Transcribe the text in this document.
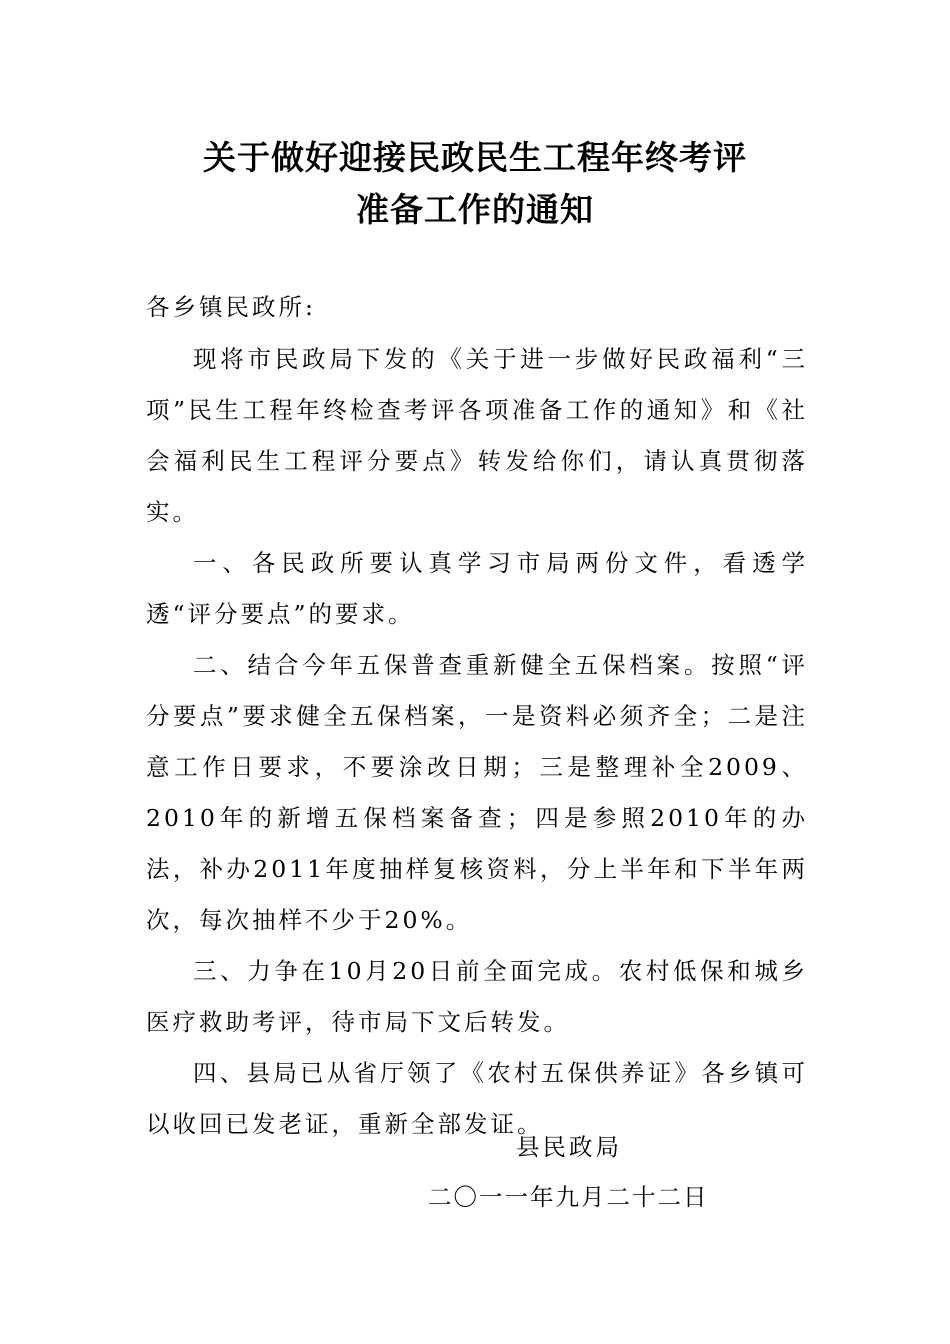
关于做好迎接民政民生工程年终考评
准备工作的通知

各乡镇民政所:

现将市民政局下发的《关于进一步做好民政福利“三项”民生工程年终检查考评各项准备工作的通知》和《社会福利民生工程评分要点》转发给你们，请认真贯彻落实。

一、各民政所要认真学习市局两份文件，看透学透“评分要点”的要求。

二、结合今年五保普查重新健全五保档案。按照“评分要点”要求健全五保档案，一是资料必须齐全；二是注意工作日要求，不要涂改日期；三是整理补全2009、2010年的新增五保档案备查；四是参照2010年的办法，补办2011年度抽样复核资料，分上半年和下半年两次，每次抽样不少于20%。

三、力争在10月20日前全面完成。农村低保和城乡医疗救助考评，待市局下文后转发。

四、县局已从省厅领了《农村五保供养证》各乡镇可以收回已发老证，重新全部发证。

县民政局
二〇一一年九月二十二日
